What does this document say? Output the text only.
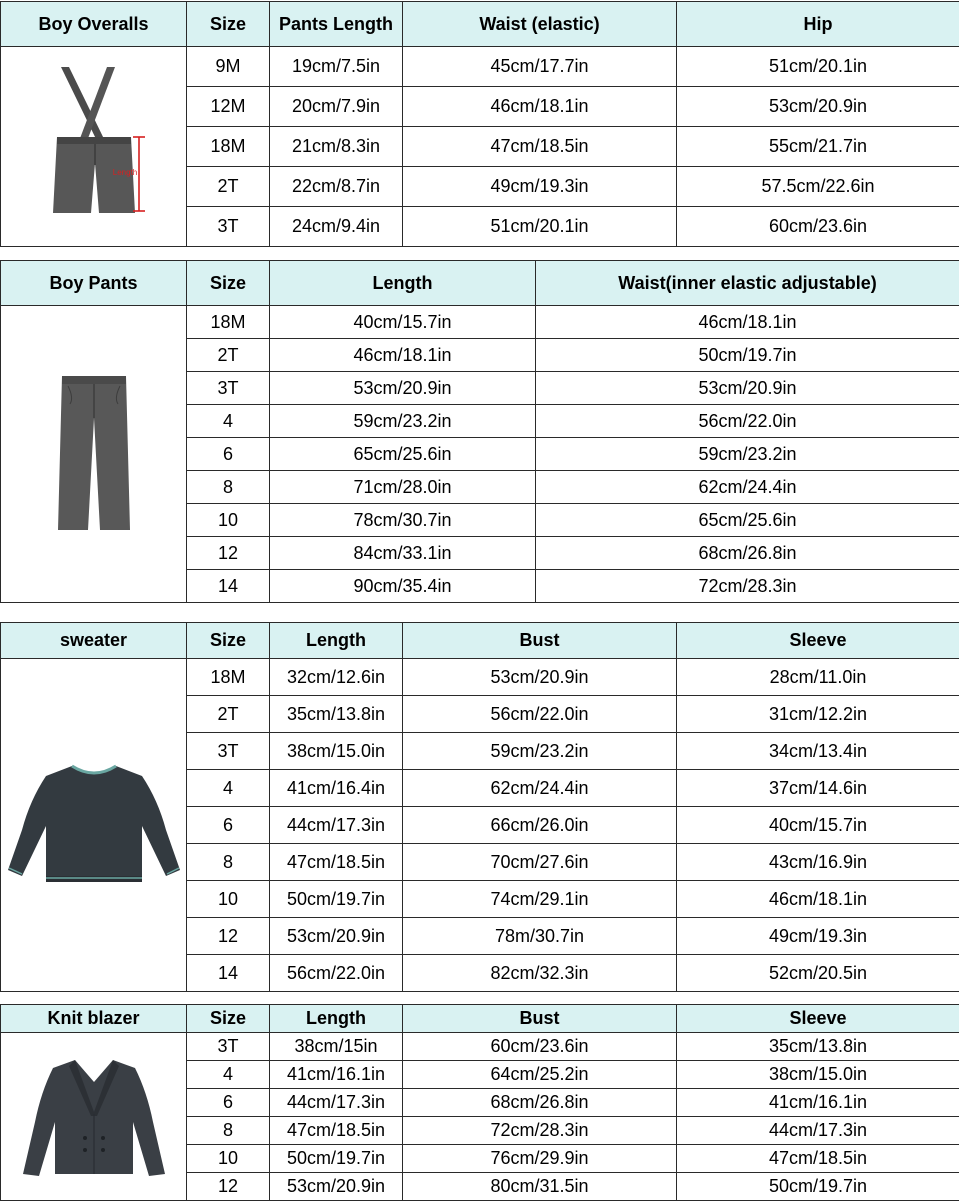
Boy Overalls	Size	Pants Length	Waist (elastic)	Hip

Length	9M	19cm/7.5in	45cm/17.7in	51cm/20.1in
	12M	20cm/7.9in	46cm/18.1in	53cm/20.9in
	18M	21cm/8.3in	47cm/18.5in	55cm/21.7in
	2T	22cm/8.7in	49cm/19.3in	57.5cm/22.6in
	3T	24cm/9.4in	51cm/20.1in	60cm/23.6in
Boy Pants	Size	Length	Waist(inner elastic adjustable)

	18M	40cm/15.7in	46cm/18.1in
	2T	46cm/18.1in	50cm/19.7in
	3T	53cm/20.9in	53cm/20.9in
	4	59cm/23.2in	56cm/22.0in
	6	65cm/25.6in	59cm/23.2in
	8	71cm/28.0in	62cm/24.4in
	10	78cm/30.7in	65cm/25.6in
	12	84cm/33.1in	68cm/26.8in
	14	90cm/35.4in	72cm/28.3in
sweater	Size	Length	Bust	Sleeve

	18M	32cm/12.6in	53cm/20.9in	28cm/11.0in
	2T	35cm/13.8in	56cm/22.0in	31cm/12.2in
	3T	38cm/15.0in	59cm/23.2in	34cm/13.4in
	4	41cm/16.4in	62cm/24.4in	37cm/14.6in
	6	44cm/17.3in	66cm/26.0in	40cm/15.7in
	8	47cm/18.5in	70cm/27.6in	43cm/16.9in
	10	50cm/19.7in	74cm/29.1in	46cm/18.1in
	12	53cm/20.9in	78m/30.7in	49cm/19.3in
	14	56cm/22.0in	82cm/32.3in	52cm/20.5in
Knit blazer	Size	Length	Bust	Sleeve

	3T	38cm/15in	60cm/23.6in	35cm/13.8in
	4	41cm/16.1in	64cm/25.2in	38cm/15.0in
	6	44cm/17.3in	68cm/26.8in	41cm/16.1in
	8	47cm/18.5in	72cm/28.3in	44cm/17.3in
	10	50cm/19.7in	76cm/29.9in	47cm/18.5in
	12	53cm/20.9in	80cm/31.5in	50cm/19.7in
